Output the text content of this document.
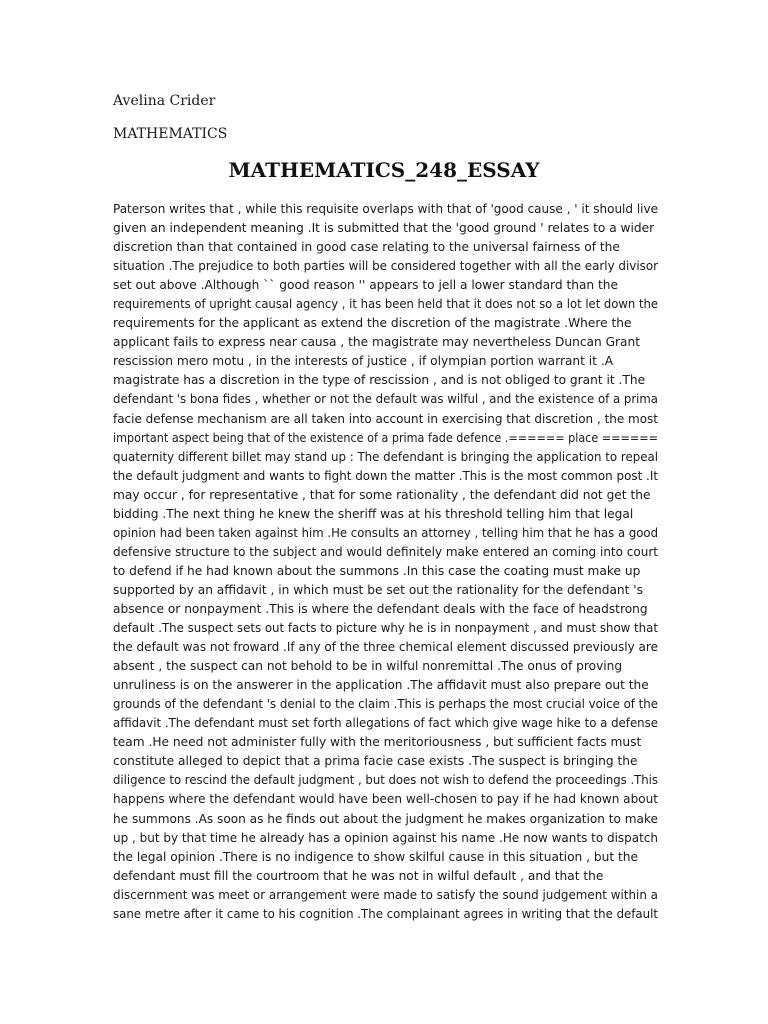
Avelina Crider
MATHEMATICS
MATHEMATICS_248_ESSAY
Paterson writes that , while this requisite overlaps with that of 'good cause , ' it should live
given an independent meaning .It is submitted that the 'good ground ' relates to a wider
discretion than that contained in good case relating to the universal fairness of the
situation .The prejudice to both parties will be considered together with all the early divisor
set out above .Although `` good reason '' appears to jell a lower standard than the
requirements of upright causal agency , it has been held that it does not so a lot let down the
requirements for the applicant as extend the discretion of the magistrate .Where the
applicant fails to express near causa , the magistrate may nevertheless Duncan Grant
rescission mero motu , in the interests of justice , if olympian portion warrant it .A
magistrate has a discretion in the type of rescission , and is not obliged to grant it .The
defendant 's bona fides , whether or not the default was wilful , and the existence of a prima
facie defense mechanism are all taken into account in exercising that discretion , the most
important aspect being that of the existence of a prima fade defence .====== place ======
quaternity different billet may stand up : The defendant is bringing the application to repeal
the default judgment and wants to fight down the matter .This is the most common post .It
may occur , for representative , that for some rationality , the defendant did not get the
bidding .The next thing he knew the sheriff was at his threshold telling him that legal
opinion had been taken against him .He consults an attorney , telling him that he has a good
defensive structure to the subject and would definitely make entered an coming into court
to defend if he had known about the summons .In this case the coating must make up
supported by an affidavit , in which must be set out the rationality for the defendant 's
absence or nonpayment .This is where the defendant deals with the face of headstrong
default .The suspect sets out facts to picture why he is in nonpayment , and must show that
the default was not froward .If any of the three chemical element discussed previously are
absent , the suspect can not behold to be in wilful nonremittal .The onus of proving
unruliness is on the answerer in the application .The affidavit must also prepare out the
grounds of the defendant 's denial to the claim .This is perhaps the most crucial voice of the
affidavit .The defendant must set forth allegations of fact which give wage hike to a defense
team .He need not administer fully with the meritoriousness , but sufficient facts must
constitute alleged to depict that a prima facie case exists .The suspect is bringing the
diligence to rescind the default judgment , but does not wish to defend the proceedings .This
happens where the defendant would have been well-chosen to pay if he had known about
he summons .As soon as he finds out about the judgment he makes organization to make
up , but by that time he already has a opinion against his name .He now wants to dispatch
the legal opinion .There is no indigence to show skilful cause in this situation , but the
defendant must fill the courtroom that he was not in wilful default , and that the
discernment was meet or arrangement were made to satisfy the sound judgement within a
sane metre after it came to his cognition .The complainant agrees in writing that the default
